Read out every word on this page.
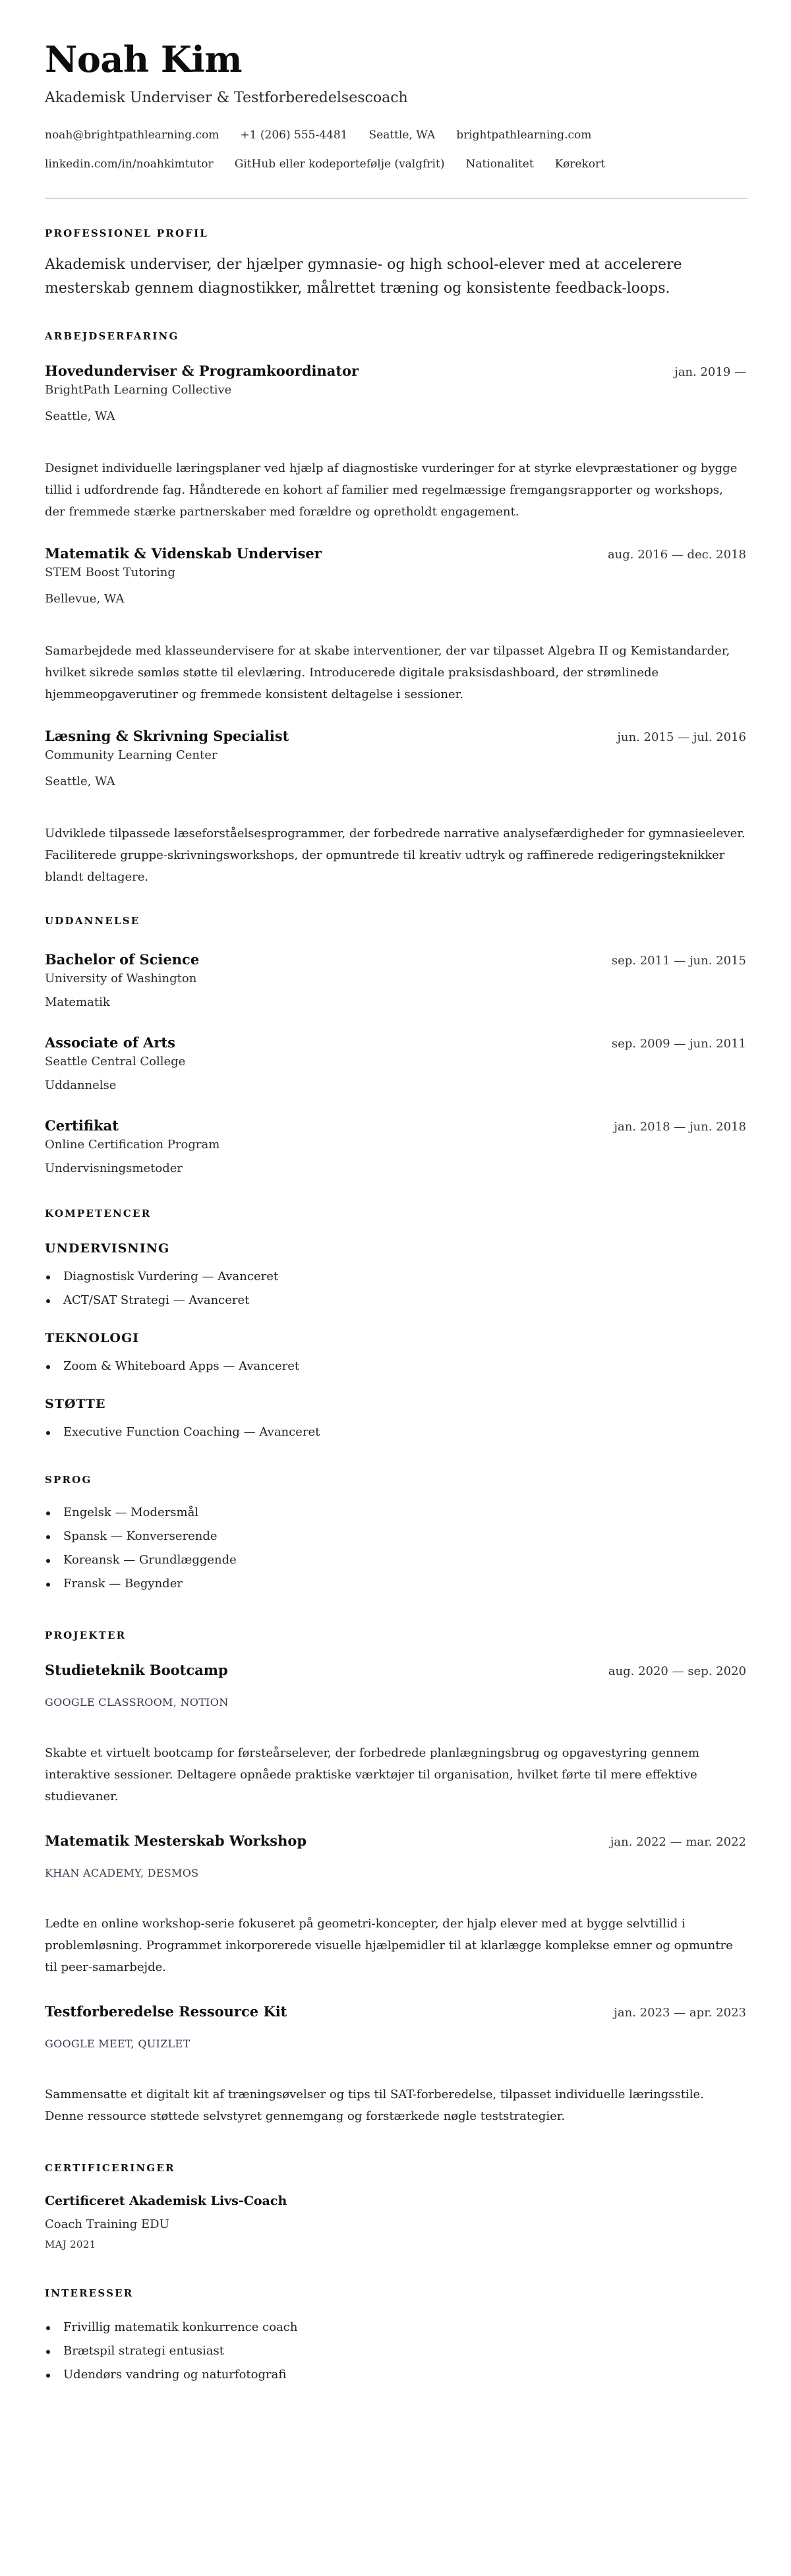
Noah Kim
Akademisk Underviser & Testforberedelsescoach
noah@brightpathlearning.com +1 (206) 555-4481 Seattle, WA brightpathlearning.com
linkedin.com/in/noahkimtutor GitHub eller kodeportefølje (valgfrit) Nationalitet Kørekort
PROFESSIONEL PROFIL

Akademisk underviser, der hjælper gymnasie- og high school-elever med at accelerere mesterskab gennem diagnostikker, målrettet træning og konsistente feedback-loops.

ARBEJDSERFARING
Hovedunderviser & Programkoordinator	jan. 2019 —
BrightPath Learning Collective
Seattle, WA

Designet individuelle læringsplaner ved hjælp af diagnostiske vurderinger for at styrke elevpræstationer og bygge tillid i udfordrende fag. Håndterede en kohort af familier med regelmæssige fremgangsrapporter og workshops, der fremmede stærke partnerskaber med forældre og opretholdt engagement.

Matematik & Videnskab Underviser	aug. 2016 — dec. 2018
STEM Boost Tutoring
Bellevue, WA

Samarbejdede med klasseundervisere for at skabe interventioner, der var tilpasset Algebra II og Kemistandarder, hvilket sikrede sømløs støtte til elevlæring. Introducerede digitale praksisdashboard, der strømlinede hjemmeopgaverutiner og fremmede konsistent deltagelse i sessioner.

Læsning & Skrivning Specialist	jun. 2015 — jul. 2016
Community Learning Center
Seattle, WA

Udviklede tilpassede læseforståelsesprogrammer, der forbedrede narrative analysefærdigheder for gymnasieelever. Faciliterede gruppe-skrivningsworkshops, der opmuntrede til kreativ udtryk og raffinerede redigeringsteknikker blandt deltagere.

UDDANNELSE
Bachelor of Science	sep. 2011 — jun. 2015
University of Washington
Matematik
Associate of Arts	sep. 2009 — jun. 2011
Seattle Central College
Uddannelse
Certifikat	jan. 2018 — jun. 2018
Online Certification Program
Undervisningsmetoder
KOMPETENCER
UNDERVISNING
Diagnostisk Vurdering — Avanceret
ACT/SAT Strategi — Avanceret
TEKNOLOGI
Zoom & Whiteboard Apps — Avanceret
STØTTE
Executive Function Coaching — Avanceret
SPROG
Engelsk — Modersmål
Spansk — Konverserende
Koreansk — Grundlæggende
Fransk — Begynder
PROJEKTER
Studieteknik Bootcamp	aug. 2020 — sep. 2020
GOOGLE CLASSROOM, NOTION

Skabte et virtuelt bootcamp for førsteårselever, der forbedrede planlægningsbrug og opgavestyring gennem interaktive sessioner. Deltagere opnåede praktiske værktøjer til organisation, hvilket førte til mere effektive studievaner.

Matematik Mesterskab Workshop	jan. 2022 — mar. 2022
KHAN ACADEMY, DESMOS

Ledte en online workshop-serie fokuseret på geometri-koncepter, der hjalp elever med at bygge selvtillid i problemløsning. Programmet inkorporerede visuelle hjælpemidler til at klarlægge komplekse emner og opmuntre til peer-samarbejde.

Testforberedelse Ressource Kit	jan. 2023 — apr. 2023
GOOGLE MEET, QUIZLET

Sammensatte et digitalt kit af træningsøvelser og tips til SAT-forberedelse, tilpasset individuelle læringsstile. Denne ressource støttede selvstyret gennemgang og forstærkede nøgle teststrategier.

CERTIFICERINGER
Certificeret Akademisk Livs-Coach
Coach Training EDU
MAJ 2021
INTERESSER
Frivillig matematik konkurrence coach
Brætspil strategi entusiast
Udendørs vandring og naturfotografi
